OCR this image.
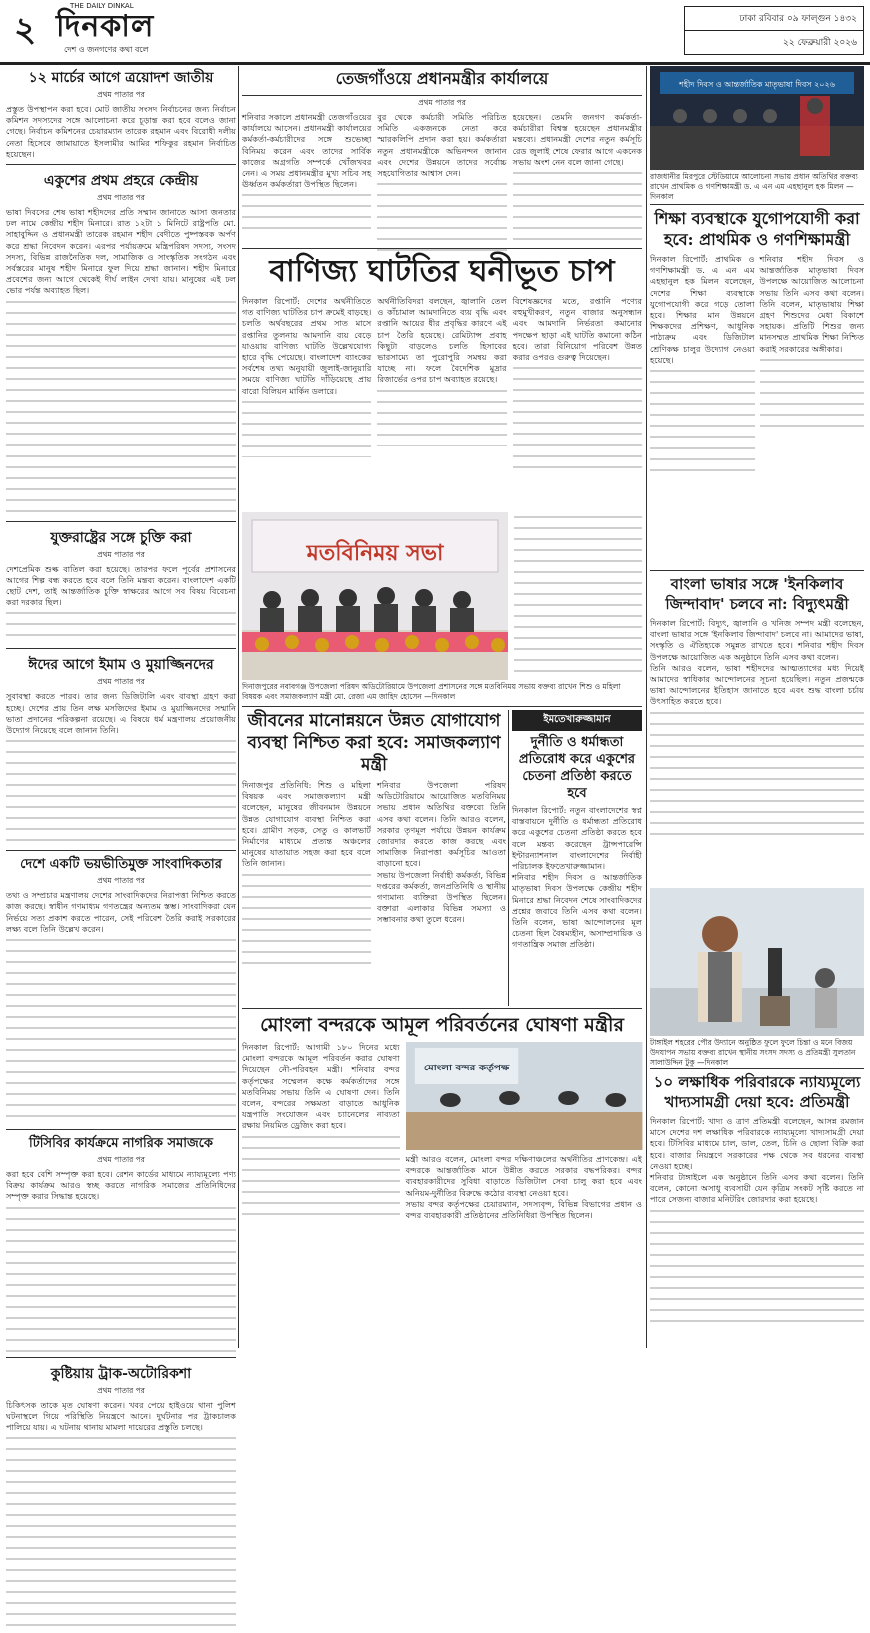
২ দিনকাল
THE DAILY DINKAL
দেশ ও জনগণের কথা বলে
ঢাকা রবিবার ০৯ ফাল্গুন ১৪৩২
২২ ফেব্রুয়ারী ২০২৬
১২ মার্চের আগে ত্রয়োদশ জাতীয়

প্রথম পাতার পর

প্রস্তুত উপস্থাপন করা হবে। মোট জাতীয় সংসদ নির্বাচনের জন্য নির্বাচন কমিশন সদস্যদের সঙ্গে আলোচনা করে চূড়ান্ত করা হবে বলেও জানা গেছে। নির্বাচন কমিশনের চেয়ারম্যান তারেক রহমান এবং বিরোধী দলীয় নেতা হিসেবে জামায়াতে ইসলামীর আমির শফিকুর রহমান নির্বাচিত হয়েছেন।

একুশের প্রথম প্রহরে কেন্দ্রীয়

প্রথম পাতার পর

ভাষা দিবসের শেষ ভাষা শহীদদের প্রতি সম্মান জানাতে আসা জনতার ঢল নামে কেন্দ্রীয় শহীদ মিনারে। রাত ১২টা ১ মিনিটে রাষ্ট্রপতি মো. সাহাবুদ্দিন ও প্রধানমন্ত্রী তারেক রহমান শহীদ বেদীতে পুষ্পস্তবক অর্পণ করে শ্রদ্ধা নিবেদন করেন। এরপর পর্যায়ক্রমে মন্ত্রিপরিষদ সদস্য, সংসদ সদস্য, বিভিন্ন রাজনৈতিক দল, সামাজিক ও সাংস্কৃতিক সংগঠন এবং সর্বস্তরের মানুষ শহীদ মিনারে ফুল দিয়ে শ্রদ্ধা জানান। শহীদ মিনারে প্রবেশের জন্য আগে থেকেই দীর্ঘ লাইন দেখা যায়। মানুষের এই ঢল ভোর পর্যন্ত অব্যাহত ছিল।

যুক্তরাষ্ট্রের সঙ্গে চুক্তি করা

প্রথম পাতার পর

দেশপ্রেমিক শুল্ক বাতিল করা হয়েছে। তারপর ফলে পূর্বের প্রশাসনের আগের শিল্প বন্ধ করতে হবে বলে তিনি মন্তব্য করেন। বাংলাদেশ একটি ছোট দেশ, তাই আন্তর্জাতিক চুক্তি স্বাক্ষরের আগে সব বিষয় বিবেচনা করা দরকার ছিল।

ঈদের আগে ইমাম ও মুয়াজ্জিনদের

প্রথম পাতার পর

সুবাবস্থা করতে পারব। তার জন্য ডিজিটালি এবং বাবস্থা গ্রহণ করা হচ্ছে। দেশের প্রায় তিন লক্ষ মসজিদের ইমাম ও মুয়াজ্জিনদের সম্মানি ভাতা প্রদানের পরিকল্পনা রয়েছে। এ বিষয়ে ধর্ম মন্ত্রণালয় প্রয়োজনীয় উদ্যোগ নিয়েছে বলে জানান তিনি।

দেশে একটি ভয়ভীতিমুক্ত সাংবাদিকতার

প্রথম পাতার পর

তথ্য ও সম্প্রচার মন্ত্রণালয় দেশের সাংবাদিকদের নিরাপত্তা নিশ্চিত করতে কাজ করছে। স্বাধীন গণমাধ্যম গণতন্ত্রের অন্যতম স্তম্ভ। সাংবাদিকরা যেন নির্ভয়ে সত্য প্রকাশ করতে পারেন, সেই পরিবেশ তৈরি করাই সরকারের লক্ষ্য বলে তিনি উল্লেখ করেন।

টিসিবির কার্যক্রমে নাগরিক সমাজকে

প্রথম পাতার পর

করা হবে বেশি সম্পৃক্ত করা হবে। রেশন কার্ডের মাধ্যমে ন্যায্যমূল্যে পণ্য বিক্রয় কার্যক্রম আরও স্বচ্ছ করতে নাগরিক সমাজের প্রতিনিধিদের সম্পৃক্ত করার সিদ্ধান্ত হয়েছে।

কুষ্টিয়ায় ট্রাক-অটোরিকশা

প্রথম পাতার পর

চিকিৎসক তাকে মৃত ঘোষণা করেন। খবর পেয়ে হাইওয়ে থানা পুলিশ ঘটনাস্থলে গিয়ে পরিস্থিতি নিয়ন্ত্রণে আনে। দুর্ঘটনার পর ট্রাকচালক পালিয়ে যায়। এ ঘটনায় থানায় মামলা দায়েরের প্রস্তুতি চলছে।

তেজগাঁওয়ে প্রধানমন্ত্রীর কার্যালয়ে

প্রথম পাতার পর

শনিবার সকালে প্রধানমন্ত্রী তেজগাঁওয়ের কার্যালয়ে আসেন। প্রধানমন্ত্রী কার্যালয়ের কর্মকর্তা-কর্মচারীদের সঙ্গে শুভেচ্ছা বিনিময় করেন এবং তাদের সার্বিক কাজের অগ্রগতি সম্পর্কে খোঁজখবর নেন। এ সময় প্রধানমন্ত্রীর মুখ্য সচিব সহ ঊর্ধ্বতন কর্মকর্তারা উপস্থিত ছিলেন।

বুর থেকে কর্মচারী সমিতি পরিচিত সমিতি একজনকে নেতা করে স্মারকলিপি প্রদান করা হয়। কর্মকর্তারা নতুন প্রধানমন্ত্রীকে অভিনন্দন জানান এবং দেশের উন্নয়নে তাদের সর্বোচ্চ সহযোগিতার আশ্বাস দেন।

হয়েছেন। তেমনি জনগণ কর্মকর্তা-কর্মচারীরা বিশ্বস্ত হয়েছেন প্রধানমন্ত্রীর মন্তব্যে। প্রধানমন্ত্রী দেশের নতুন কর্মসূচি রেড জুলাই শেষে ফেরার আগে একনেক সভায় অংশ নেন বলে জানা গেছে।

বাণিজ্য ঘাটতির ঘনীভূত চাপ

দিনকাল রিপোর্ট: দেশের অর্থনীতিতে গত বাণিজ্য ঘাটতির চাপ ক্রমেই বাড়ছে। চলতি অর্থবছরের প্রথম সাত মাসে রপ্তানির তুলনায় আমদানি ব্যয় বেড়ে যাওয়ায় বাণিজ্য ঘাটতি উল্লেখযোগ্য হারে বৃদ্ধি পেয়েছে। বাংলাদেশ ব্যাংকের সর্বশেষ তথ্য অনুযায়ী জুলাই-জানুয়ারি সময়ে বাণিজ্য ঘাটতি দাঁড়িয়েছে প্রায় বারো বিলিয়ন মার্কিন ডলারে।

অর্থনীতিবিদরা বলছেন, জ্বালানি তেল ও কাঁচামাল আমদানিতে ব্যয় বৃদ্ধি এবং রপ্তানি আয়ের ধীর প্রবৃদ্ধির কারণে এই চাপ তৈরি হয়েছে। রেমিট্যান্স প্রবাহ কিছুটা বাড়লেও চলতি হিসাবের ভারসাম্যে তা পুরোপুরি সমন্বয় করা যাচ্ছে না। ফলে বৈদেশিক মুদ্রার রিজার্ভের ওপর চাপ অব্যাহত রয়েছে।

বিশেষজ্ঞদের মতে, রপ্তানি পণ্যের বহুমুখীকরণ, নতুন বাজার অনুসন্ধান এবং আমদানি নির্ভরতা কমানোর পদক্ষেপ ছাড়া এই ঘাটতি কমানো কঠিন হবে। তারা বিনিয়োগ পরিবেশ উন্নত করার ওপরও গুরুত্ব দিয়েছেন।

মতবিনিময় সভা
দিনাজপুরের নবাবগঞ্জ উপজেলা পরিষদ অডিটোরিয়ামে উপজেলা প্রশাসনের সঙ্গে মতবিনিময় সভায় বক্তব্য রাখেন শিশু ও মহিলা বিষয়ক এবং সমাজকল্যাণ মন্ত্রী মো. রেজা এম জাহিদ হোসেন —দিনকাল
জীবনের মানোন্নয়নে উন্নত যোগাযোগ ব্যবস্থা নিশ্চিত করা হবে: সমাজকল্যাণ মন্ত্রী

দিনাজপুর প্রতিনিধি: শিশু ও মহিলা বিষয়ক এবং সমাজকল্যাণ মন্ত্রী বলেছেন, মানুষের জীবনমান উন্নয়নে উন্নত যোগাযোগ ব্যবস্থা নিশ্চিত করা হবে। গ্রামীণ সড়ক, সেতু ও কালভার্ট নির্মাণের মাধ্যমে প্রত্যন্ত অঞ্চলের মানুষের যাতায়াত সহজ করা হবে বলে তিনি জানান।

শনিবার উপজেলা পরিষদ অডিটোরিয়ামে আয়োজিত মতবিনিময় সভায় প্রধান অতিথির বক্তব্যে তিনি এসব কথা বলেন। তিনি আরও বলেন, সরকার তৃণমূল পর্যায়ে উন্নয়ন কার্যক্রম জোরদার করতে কাজ করছে এবং সামাজিক নিরাপত্তা কর্মসূচির আওতা বাড়ানো হবে।

সভায় উপজেলা নির্বাহী কর্মকর্তা, বিভিন্ন দপ্তরের কর্মকর্তা, জনপ্রতিনিধি ও স্থানীয় গণ্যমান্য ব্যক্তিরা উপস্থিত ছিলেন। বক্তারা এলাকার বিভিন্ন সমস্যা ও সম্ভাবনার কথা তুলে ধরেন।

ইমতেখারুজ্জামান
দুর্নীতি ও ধর্মান্ধতা প্রতিরোধ করে একুশের চেতনা প্রতিষ্ঠা করতে হবে

দিনকাল রিপোর্ট: নতুন বাংলাদেশের স্বপ্ন বাস্তবায়নে দুর্নীতি ও ধর্মান্ধতা প্রতিরোধ করে একুশের চেতনা প্রতিষ্ঠা করতে হবে বলে মন্তব্য করেছেন ট্রান্সপারেন্সি ইন্টারন্যাশনাল বাংলাদেশের নির্বাহী পরিচালক ইফতেখারুজ্জামান।

শনিবার শহীদ দিবস ও আন্তর্জাতিক মাতৃভাষা দিবস উপলক্ষে কেন্দ্রীয় শহীদ মিনারে শ্রদ্ধা নিবেদন শেষে সাংবাদিকদের প্রশ্নের জবাবে তিনি এসব কথা বলেন। তিনি বলেন, ভাষা আন্দোলনের মূল চেতনা ছিল বৈষম্যহীন, অসাম্প্রদায়িক ও গণতান্ত্রিক সমাজ প্রতিষ্ঠা।

মোংলা বন্দরকে আমূল পরিবর্তনের ঘোষণা মন্ত্রীর

দিনকাল রিপোর্ট: আগামী ১৮০ দিনের মধ্যে মোংলা বন্দরকে আমূল পরিবর্তন করার ঘোষণা দিয়েছেন নৌ-পরিবহন মন্ত্রী। শনিবার বন্দর কর্তৃপক্ষের সম্মেলন কক্ষে কর্মকর্তাদের সঙ্গে মতবিনিময় সভায় তিনি এ ঘোষণা দেন। তিনি বলেন, বন্দরের সক্ষমতা বাড়াতে আধুনিক যন্ত্রপাতি সংযোজন এবং চ্যানেলের নাব্যতা রক্ষায় নিয়মিত ড্রেজিং করা হবে।

মোংলা বন্দর কর্তৃপক্ষ

মন্ত্রী আরও বলেন, মোংলা বন্দর দক্ষিণাঞ্চলের অর্থনীতির প্রাণকেন্দ্র। এই বন্দরকে আন্তর্জাতিক মানে উন্নীত করতে সরকার বদ্ধপরিকর। বন্দর ব্যবহারকারীদের সুবিধা বাড়াতে ডিজিটাল সেবা চালু করা হবে এবং অনিয়ম-দুর্নীতির বিরুদ্ধে কঠোর ব্যবস্থা নেওয়া হবে।

সভায় বন্দর কর্তৃপক্ষের চেয়ারম্যান, সদস্যবৃন্দ, বিভিন্ন বিভাগের প্রধান ও বন্দর ব্যবহারকারী প্রতিষ্ঠানের প্রতিনিধিরা উপস্থিত ছিলেন।

শহীদ দিবস ও আন্তর্জাতিক মাতৃভাষা দিবস ২০২৬
রাজধানীর মিরপুরে স্টেডিয়ামে আলোচনা সভায় প্রধান অতিথির বক্তব্য রাখেন প্রাথমিক ও গণশিক্ষামন্ত্রী ড. এ এন এম এহছানুল হক মিলন —দিনকাল
শিক্ষা ব্যবস্থাকে যুগোপযোগী করা হবে: প্রাথমিক ও গণশিক্ষামন্ত্রী

দিনকাল রিপোর্ট: প্রাথমিক ও গণশিক্ষামন্ত্রী ড. এ এন এম এহছানুল হক মিলন বলেছেন, দেশের শিক্ষা ব্যবস্থাকে যুগোপযোগী করে গড়ে তোলা হবে। শিক্ষার মান উন্নয়নে শিক্ষকদের প্রশিক্ষণ, আধুনিক পাঠ্যক্রম এবং ডিজিটাল শ্রেণিকক্ষ চালুর উদ্যোগ নেওয়া হয়েছে।

শনিবার শহীদ দিবস ও আন্তর্জাতিক মাতৃভাষা দিবস উপলক্ষে আয়োজিত আলোচনা সভায় তিনি এসব কথা বলেন। তিনি বলেন, মাতৃভাষায় শিক্ষা গ্রহণ শিশুদের মেধা বিকাশে সহায়ক। প্রতিটি শিশুর জন্য মানসম্মত প্রাথমিক শিক্ষা নিশ্চিত করাই সরকারের অঙ্গীকার।

বাংলা ভাষার সঙ্গে 'ইনকিলাব জিন্দাবাদ' চলবে না: বিদ্যুৎমন্ত্রী

দিনকাল রিপোর্ট: বিদ্যুৎ, জ্বালানি ও খনিজ সম্পদ মন্ত্রী বলেছেন, বাংলা ভাষার সঙ্গে 'ইনকিলাব জিন্দাবাদ' চলবে না। আমাদের ভাষা, সংস্কৃতি ও ঐতিহ্যকে সমুন্নত রাখতে হবে। শনিবার শহীদ দিবস উপলক্ষে আয়োজিত এক অনুষ্ঠানে তিনি এসব কথা বলেন।

তিনি আরও বলেন, ভাষা শহীদদের আত্মত্যাগের মধ্য দিয়েই আমাদের স্বাধিকার আন্দোলনের সূচনা হয়েছিল। নতুন প্রজন্মকে ভাষা আন্দোলনের ইতিহাস জানাতে হবে এবং শুদ্ধ বাংলা চর্চায় উৎসাহিত করতে হবে।

টাঙ্গাইল শহরের পৌর উদ্যানে অনুষ্ঠিত ফুলে ফুলে চিন্তা ও মনে বিজয় উদযাপন সভায় বক্তব্য রাখেন স্থানীয় সংসদ সদস্য ও প্রতিমন্ত্রী সুলতান সালাউদ্দিন টুকু —দিনকাল
১০ লক্ষাধিক পরিবারকে ন্যায্যমূল্যে খাদ্যসামগ্রী দেয়া হবে: প্রতিমন্ত্রী

দিনকাল রিপোর্ট: খাদ্য ও ত্রাণ প্রতিমন্ত্রী বলেছেন, আসন্ন রমজান মাসে দেশের দশ লক্ষাধিক পরিবারকে ন্যায্যমূল্যে খাদ্যসামগ্রী দেয়া হবে। টিসিবির মাধ্যমে চাল, ডাল, তেল, চিনি ও ছোলা বিক্রি করা হবে। বাজার নিয়ন্ত্রণে সরকারের পক্ষ থেকে সব ধরনের ব্যবস্থা নেওয়া হচ্ছে।

শনিবার টাঙ্গাইলে এক অনুষ্ঠানে তিনি এসব কথা বলেন। তিনি বলেন, কোনো অসাধু ব্যবসায়ী যেন কৃত্রিম সংকট সৃষ্টি করতে না পারে সেজন্য বাজার মনিটরিং জোরদার করা হয়েছে।
